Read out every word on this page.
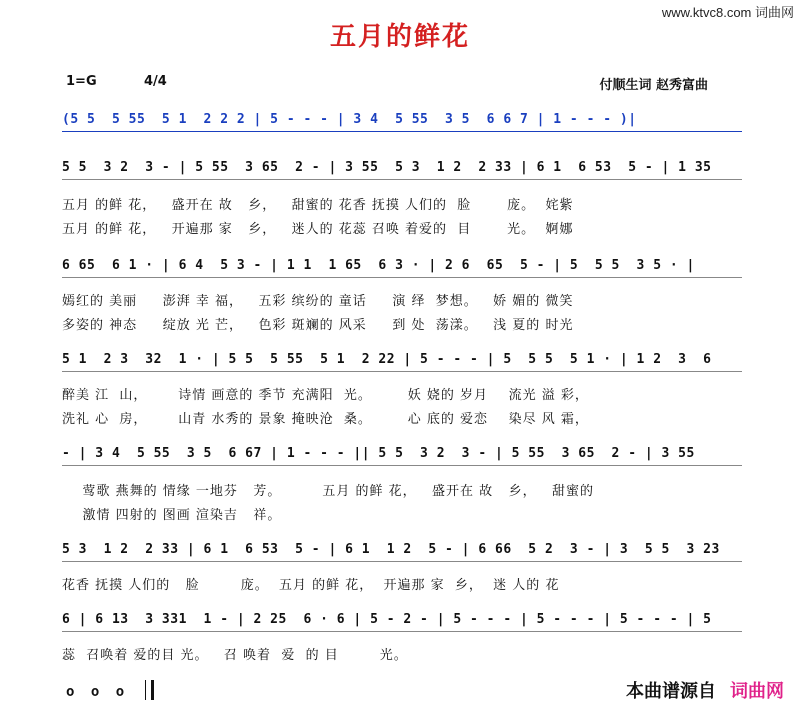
www.ktvc8.com 词曲网
五月的鲜花
1=G	4/4	付顺生词 赵秀富曲
(5 5  5 55  5 1  2 2 2 | 5 - - - | 3 4  5 55  3 5  6 6 7 | 1 - - - )|
5 5  3 2  3 - | 5 55  3 65  2 - | 3 55  5 3  1 2  2 33 | 6 1  6 53  5 - | 1 35
五月 的鲜 花，   盛开在 故   乡，   甜蜜的 花香 抚摸 人们的  脸       庞。  姹紫
五月 的鲜 花，   开遍那 家   乡，   迷人的 花蕊 召唤 着爱的  目       光。  婀娜
6 65  6 1 · | 6 4  5 3 - | 1 1  1 65  6 3 · | 2 6  65  5 - | 5  5 5  3 5 · |
嫣红的 美丽     澎湃 幸 福，   五彩 缤纷的 童话     演 绎  梦想。   娇 媚的 微笑
多姿的 神态     绽放 光 芒，   色彩 斑斓的 风采     到 处  荡漾。   浅 夏的 时光
5 1  2 3  32  1 · | 5 5  5 55  5 1  2 22 | 5 - - - | 5  5 5  5 1 · | 1 2  3  6
醉美 江  山，      诗情 画意的 季节 充满阳  光。       妖 娆的 岁月    流光 溢 彩，
洗礼 心  房，      山青 水秀的 景象 掩映沧  桑。       心 底的 爱恋    染尽 风 霜，
- | 3 4  5 55  3 5  6 67 | 1 - - - || 5 5  3 2  3 - | 5 55  3 65  2 - | 3 55
莺歌 燕舞的 情缘 一地芬   芳。        五月 的鲜 花，   盛开在 故   乡，   甜蜜的
激情 四射的 图画 渲染吉   祥。
5 3  1 2  2 33 | 6 1  6 53  5 - | 6 1  1 2  5 - | 6 66  5 2  3 - | 3  5 5  3 23
花香 抚摸 人们的   脸        庞。  五月 的鲜 花，  开遍那 家  乡，  迷 人的 花
6 | 6 13  3 331  1 - | 2 25  6 · 6 | 5 - 2 - | 5 - - - | 5 - - - | 5 - - - | 5
蕊  召唤着 爱的目 光。   召 唤着  爱  的 目        光。
o o o	本曲谱源自 词曲网
